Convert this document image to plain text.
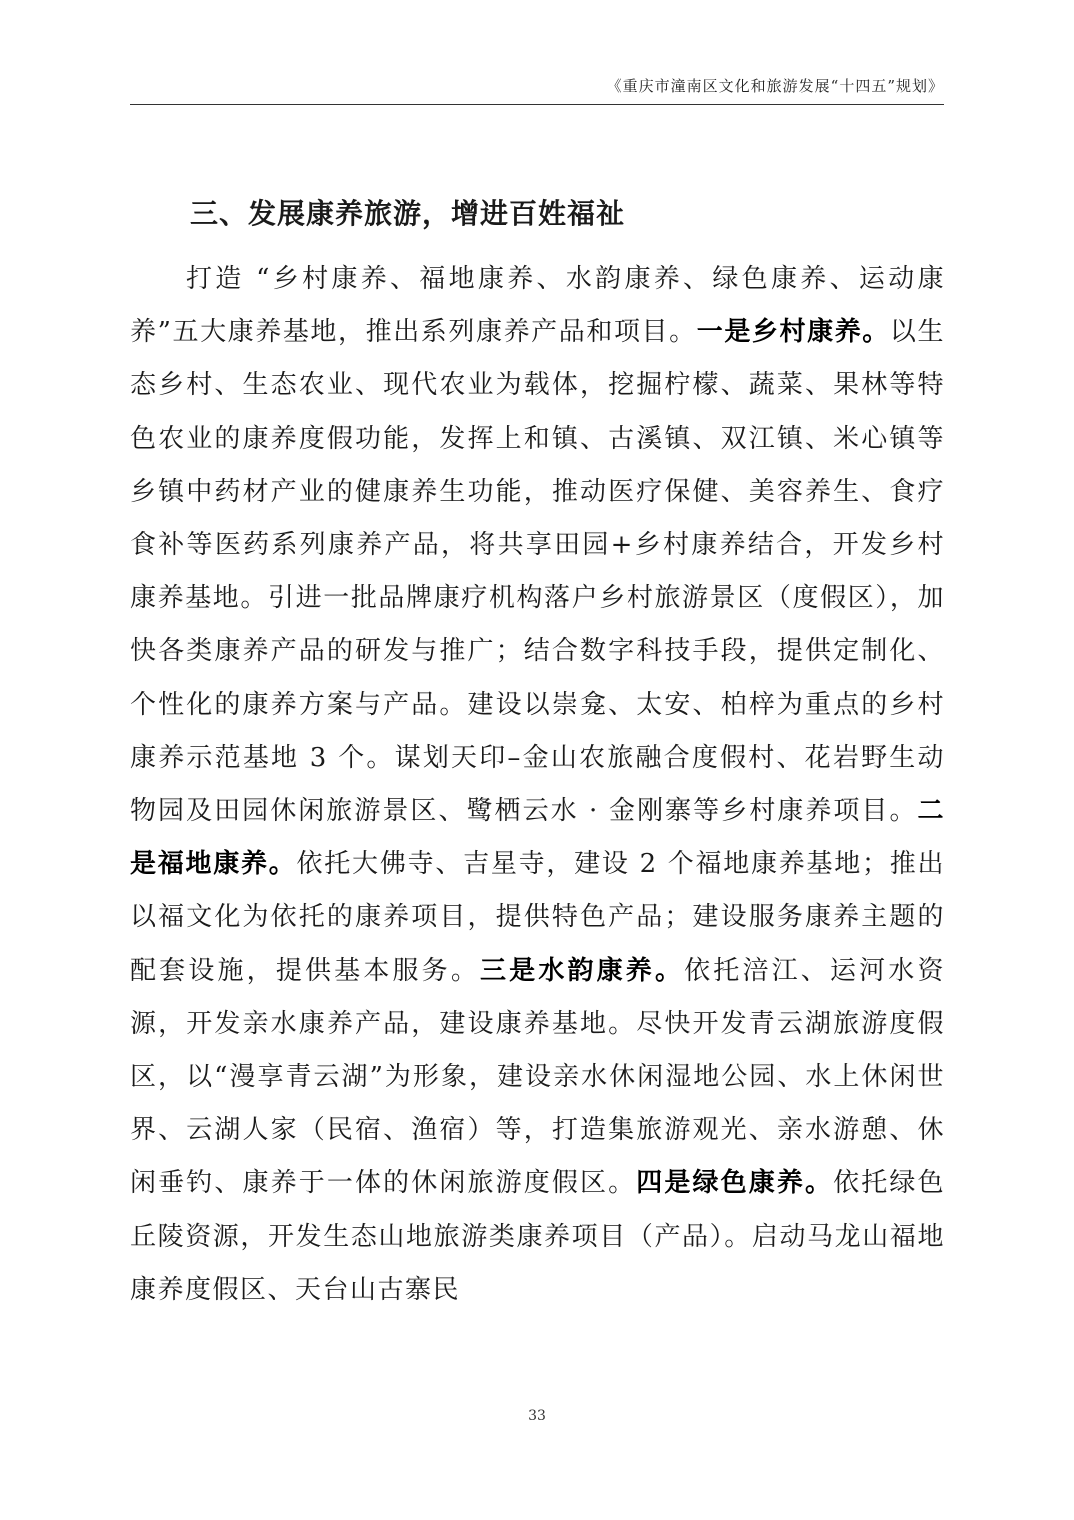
《重庆市潼南区文化和旅游发展“十四五”规划》
三、发展康养旅游，增进百姓福祉

打造 “乡村康养、福地康养、水韵康养、绿色康养、运动康养”五大康养基地，推出系列康养产品和项目。一是乡村康养。以生态乡村、生态农业、现代农业为载体，挖掘柠檬、蔬菜、果林等特色农业的康养度假功能，发挥上和镇、古溪镇、双江镇、米心镇等乡镇中药材产业的健康养生功能，推动医疗保健、美容养生、食疗食补等医药系列康养产品，将共享田园+乡村康养结合，开发乡村康养基地。引进一批品牌康疗机构落户乡村旅游景区（度假区），加快各类康养产品的研发与推广；结合数字科技手段，提供定制化、个性化的康养方案与产品。建设以崇龛、太安、柏梓为重点的乡村康养示范基地 3 个。谋划天印–金山农旅融合度假村、花岩野生动物园及田园休闲旅游景区、鹭栖云水 · 金刚寨等乡村康养项目。二是福地康养。依托大佛寺、吉星寺，建设 2 个福地康养基地；推出以福文化为依托的康养项目，提供特色产品；建设服务康养主题的配套设施，提供基本服务。三是水韵康养。依托涪江、运河水资源，开发亲水康养产品，建设康养基地。尽快开发青云湖旅游度假区，以“漫享青云湖”为形象，建设亲水休闲湿地公园、水上休闲世界、云湖人家（民宿、渔宿）等，打造集旅游观光、亲水游憩、休闲垂钓、康养于一体的休闲旅游度假区。四是绿色康养。依托绿色丘陵资源，开发生态山地旅游类康养项目（产品）。启动马龙山福地康养度假区、天台山古寨民

33
